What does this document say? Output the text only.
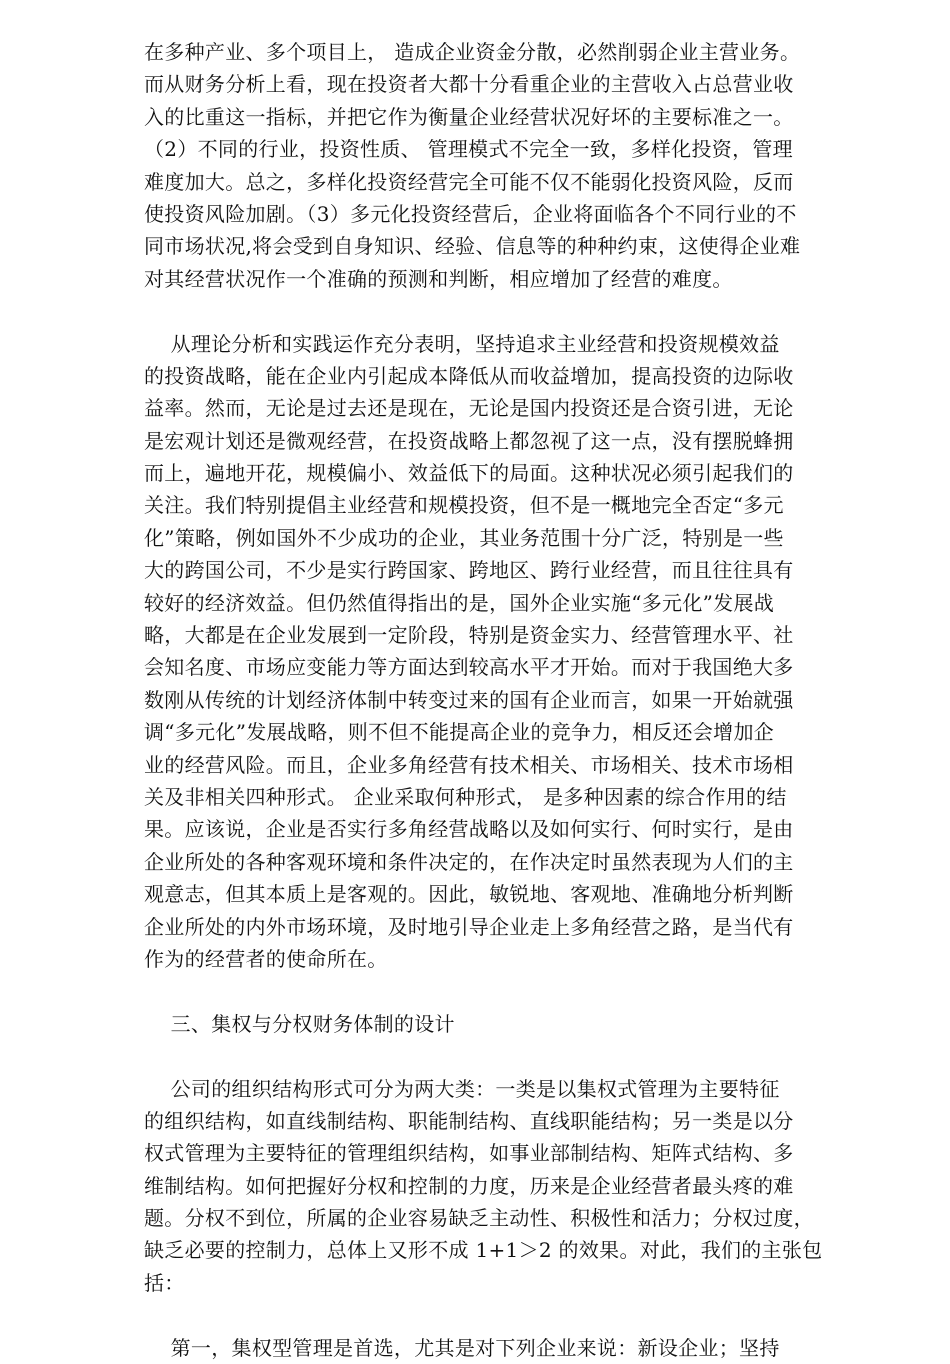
在多种产业、多个项目上， 造成企业资金分散，必然削弱企业主营业务。
而从财务分析上看，现在投资者大都十分看重企业的主营收入占总营业收
入的比重这一指标，并把它作为衡量企业经营状况好坏的主要标准之一。
（2）不同的行业，投资性质、 管理模式不完全一致，多样化投资，管理
难度加大。总之，多样化投资经营完全可能不仅不能弱化投资风险，反而
使投资风险加剧。（3）多元化投资经营后，企业将面临各个不同行业的不
同市场状况,将会受到自身知识、经验、信息等的种种约束，这使得企业难
对其经营状况作一个准确的预测和判断，相应增加了经营的难度。
从理论分析和实践运作充分表明，坚持追求主业经营和投资规模效益
的投资战略，能在企业内引起成本降低从而收益增加，提高投资的边际收
益率。然而，无论是过去还是现在，无论是国内投资还是合资引进，无论
是宏观计划还是微观经营，在投资战略上都忽视了这一点，没有摆脱蜂拥
而上，遍地开花，规模偏小、效益低下的局面。这种状况必须引起我们的
关注。我们特别提倡主业经营和规模投资，但不是一概地完全否定“多元
化”策略，例如国外不少成功的企业，其业务范围十分广泛，特别是一些
大的跨国公司，不少是实行跨国家、跨地区、跨行业经营，而且往往具有
较好的经济效益。但仍然值得指出的是，国外企业实施“多元化”发展战
略，大都是在企业发展到一定阶段，特别是资金实力、经营管理水平、社
会知名度、市场应变能力等方面达到较高水平才开始。而对于我国绝大多
数刚从传统的计划经济体制中转变过来的国有企业而言，如果一开始就强
调“多元化”发展战略，则不但不能提高企业的竞争力，相反还会增加企
业的经营风险。而且，企业多角经营有技术相关、市场相关、技术市场相
关及非相关四种形式。 企业采取何种形式， 是多种因素的综合作用的结
果。应该说，企业是否实行多角经营战略以及如何实行、何时实行，是由
企业所处的各种客观环境和条件决定的，在作决定时虽然表现为人们的主
观意志，但其本质上是客观的。因此，敏锐地、客观地、准确地分析判断
企业所处的内外市场环境，及时地引导企业走上多角经营之路，是当代有
作为的经营者的使命所在。
三、集权与分权财务体制的设计
公司的组织结构形式可分为两大类：一类是以集权式管理为主要特征
的组织结构，如直线制结构、职能制结构、直线职能结构；另一类是以分
权式管理为主要特征的管理组织结构，如事业部制结构、矩阵式结构、多
维制结构。如何把握好分权和控制的力度，历来是企业经营者最头疼的难
题。分权不到位，所属的企业容易缺乏主动性、积极性和活力；分权过度，
缺乏必要的控制力，总体上又形不成 1+1＞2 的效果。对此，我们的主张包
括：
第一，集权型管理是首选，尤其是对下列企业来说：新设企业；坚持
